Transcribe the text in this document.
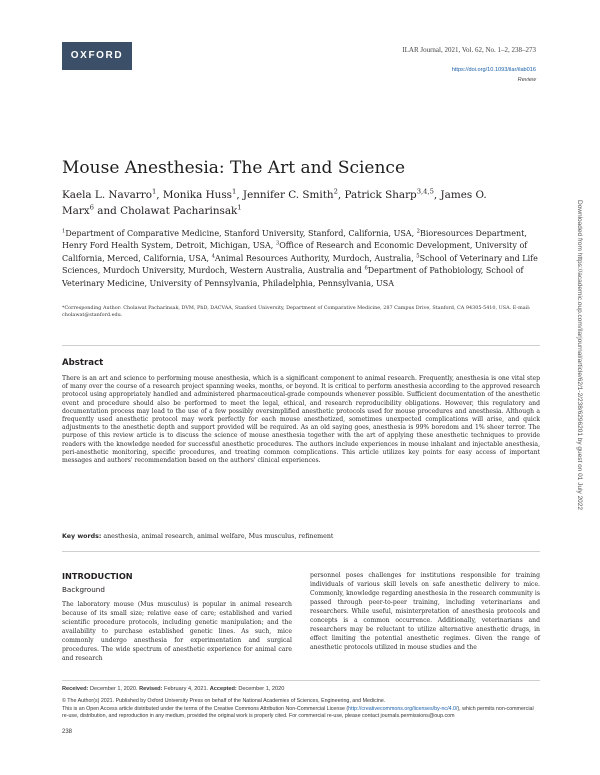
OXFORD	ILAR Journal, 2021, Vol. 62, No. 1–2, 238–273
https://doi.org/10.1093/ilar/ilab016
Review
Mouse Anesthesia: The Art and Science
Kaela L. Navarro$^1$, Monika Huss$^1$, Jennifer C. Smith$^2$, Patrick Sharp$^{3,4,5}$, James O. Marx$^6$ and Cholawat Pacharinsak$^1$
$^1$Department of Comparative Medicine, Stanford University, Stanford, California, USA, $^2$Bioresources Department, Henry Ford Health System, Detroit, Michigan, USA, $^3$Office of Research and Economic Development, University of California, Merced, California, USA, $^4$Animal Resources Authority, Murdoch, Australia, $^5$School of Veterinary and Life Sciences, Murdoch University, Murdoch, Western Australia, Australia and $^6$Department of Pathobiology, School of Veterinary Medicine, University of Pennsylvania, Philadelphia, Pennsylvania, USA
*Corresponding Author: Cholawat Pacharinsak, DVM, PhD, DACVAA, Stanford University, Department of Comparative Medicine, 287 Campus Drive, Stanford, CA 94305-5410, USA. E-mail: cholawat@stanford.edu.
Abstract
There is an art and science to performing mouse anesthesia, which is a significant component to animal research. Frequently, anesthesia is one vital step of many over the course of a research project spanning weeks, months, or beyond. It is critical to perform anesthesia according to the approved research protocol using appropriately handled and administered pharmaceutical-grade compounds whenever possible. Sufficient documentation of the anesthetic event and procedure should also be performed to meet the legal, ethical, and research reproducibility obligations. However, this regulatory and documentation process may lead to the use of a few possibly oversimplified anesthetic protocols used for mouse procedures and anesthesia. Although a frequently used anesthetic protocol may work perfectly for each mouse anesthetized, sometimes unexpected complications will arise, and quick adjustments to the anesthetic depth and support provided will be required. As an old saying goes, anesthesia is 99% boredom and 1% sheer terror. The purpose of this review article is to discuss the science of mouse anesthesia together with the art of applying these anesthetic techniques to provide readers with the knowledge needed for successful anesthetic procedures. The authors include experiences in mouse inhalant and injectable anesthesia, peri-anesthetic monitoring, specific procedures, and treating common complications. This article utilizes key points for easy access of important messages and authors' recommendation based on the authors' clinical experiences.
Key words: anesthesia, animal research, animal welfare, Mus musculus, refinement
INTRODUCTION
Background
The laboratory mouse (Mus musculus) is popular in animal research because of its small size; relative ease of care; established and varied scientific procedure protocols, including genetic manipulation; and the availability to purchase established genetic lines. As such, mice commonly undergo anesthesia for experimentation and surgical procedures. The wide spectrum of anesthetic experience for animal care and research
personnel poses challenges for institutions responsible for training individuals of various skill levels on safe anesthetic delivery to mice. Commonly, knowledge regarding anesthesia in the research community is passed through peer-to-peer training, including veterinarians and researchers. While useful, misinterpretation of anesthesia protocols and concepts is a common occurrence. Additionally, veterinarians and researchers may be reluctant to utilize alternative anesthetic drugs, in effect limiting the potential anesthetic regimes. Given the range of anesthetic protocols utilized in mouse studies and the
Received: December 1, 2020. Revised: February 4, 2021. Accepted: December 1, 2020
© The Author(s) 2021. Published by Oxford University Press on behalf of the National Academies of Sciences, Engineering, and Medicine.
This is an Open Access article distributed under the terms of the Creative Commons Attribution Non-Commercial License (http://creativecommons.org/licenses/by-nc/4.0/), which permits non-commercial re-use, distribution, and reproduction in any medium, provided the original work is properly cited. For commercial re-use, please contact journals.permissions@oup.com
238
Downloaded from https://academic.oup.com/ilarjournal/article/62/1-2/238/6296201 by guest on 01 July 2022
